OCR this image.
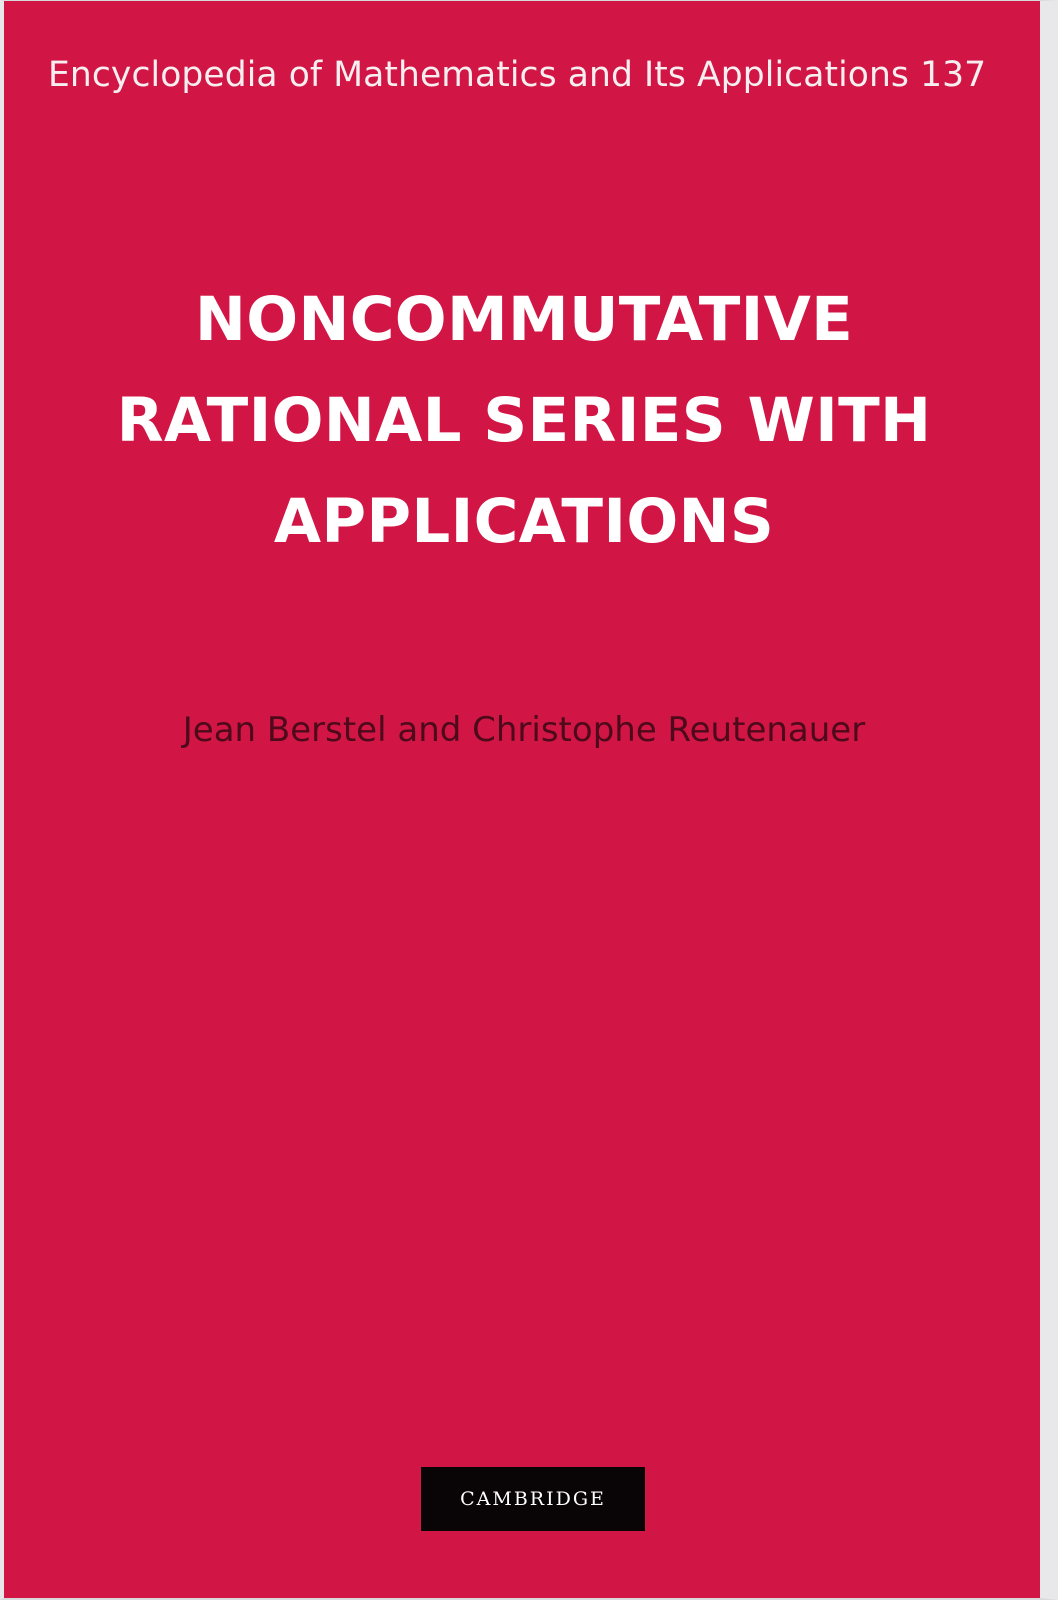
Encyclopedia of Mathematics and Its Applications 137
NONCOMMUTATIVE
RATIONAL SERIES WITH
APPLICATIONS
Jean Berstel and Christophe Reutenauer
CAMBRIDGE
